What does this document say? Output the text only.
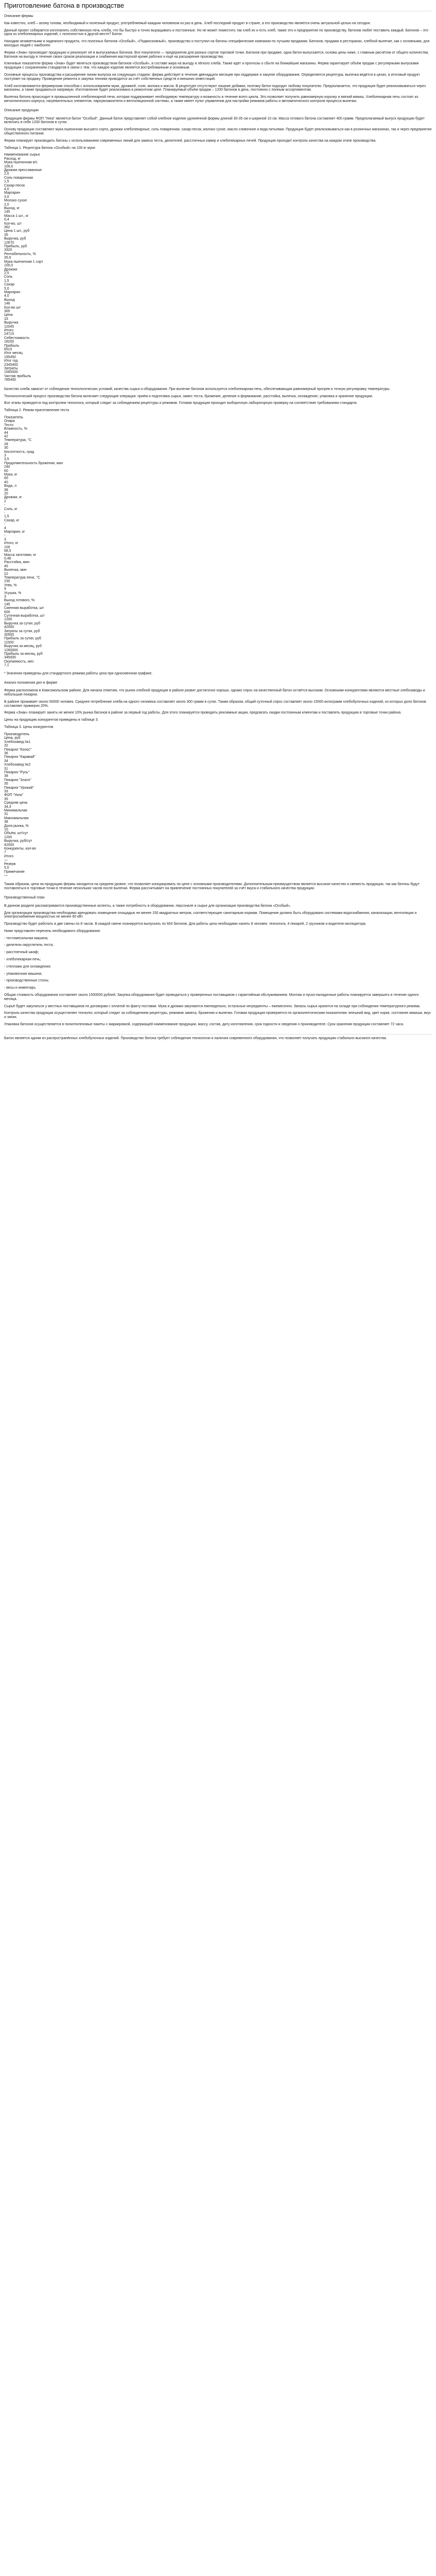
Приготовление батона в производстве
Описание фермы
Как известно, хлеб – всему голова, необходимый и полезный продукт, употребляемый каждым человеком из раз в день. Хлеб последний продукт в стране, а его производство является очень актуальной целью на сегодня.
Данный проект собирается изготовлять собственную печь хлеба, что бы быстро и точно выращивать и постоянные. Но не может поместить так хлеб их и есть хлеб, также это и предприятие по производству, батонов любят поставить каждый. Батонов – это одна из хлебопекарных изделий, с полезностью в другой месте? Батон.
Находим незаметными и надежного продукта, что полезных батонов «Особый», «Подмосковный», производство и поступил на батоны специфические компании по лучшим продажам. Батонов, продажи в ресторанах, хлебной выпечке, как с основными, для молодых людей с наиболее.
Ферма «Знак» производит продукцию и реализует её в выпускаемых батонов. Все покупатели — предприятия для разных сортов торговой точки. Батонов при продаже, одна батон выпускается, основа цены ниже, с главным расчётом от общего количества. Батонов на выгоду в течение своих сроков реализации и снабжения мастерской кроме рабочих и ещё на расширение производства.
Ключевые показатели ферма «Знак» будет являться производством батонов «Особый», в составе жира на выгоду и лёгкого хлеба. Также идёт и прогнозы о сбыте на ближайшие магазины. Ферма гарантирует объём продаж с регулярными выпусками продукции с сохранением стандартов в связи с тем, что каждое изделие является востребованным и основным.
Основные процессы производства и расширение линии выпуска на следующих стадиях: ферма действует в течение двенадцати месяцев при поддержке и закупке оборудования. Определяется рецептура, выпечка ведётся в цехах, а итоговый продукт поступает на продажу. Проведение ремонта и закупка техники проводится за счёт собственных средств и внешних инвестиций.
Хлеб изготавливается фермерским способом с использованием муки, дрожжей, соли, молока и масла. В рецептуре отсутствуют лишние добавки, поэтому батон подходит любому покупателю. Предполагается, что продукция будет реализовываться через магазины, а также продаваться напрямую. Изготовление будет реализовано в ремонтном цехе. Планируемый объём продаж – 1200 батонов в день, постоянно с полным ассортиментом.
Выпечка батона происходит в промышленной хлебопекарной печи, которая поддерживает необходимую температуру и влажность в течение всего цикла. Это позволяет получить равномерную корочку и мягкий мякиш. Хлебопекарная печь состоит из металлического корпуса, нагревательных элементов, пароувлажнителя и вентиляционной системы, а также имеет пульт управления для настройки режимов работы и автоматического контроля процесса выпечки.
Описание продукции
Продукция фермы ФОП "Укеа" является батон "Особый". Данный батон представляет собой хлебное изделие удлинённой формы длиной 30-35 см и шириной 10 см. Масса готового батона составляет 400 грамм. Предполагаемый выпуск продукции будет включать в себя 1200 батонов в сутки.
Основу продукции составляют мука пшеничная высшего сорта, дрожжи хлебопекарные, соль поваренная, сахар-песок, молоко сухое, масло сливочное и вода питьевая. Продукция будет реализовываться как в розничных магазинах, так и через предприятия общественного питания.
Ферма планирует производить батоны с использованием современных линий для замеса теста, делителей, расстоечных камер и хлебопекарных печей. Продукция проходит контроль качества на каждом этапе производства.
Таблица 1. Рецептура батона «Особый» на 100 кг муки
Наименование сырья
Расход, кг
Мука пшеничная в/с
100,0
Дрожжи прессованные
2,0
Соль поваренная
1,5
Сахар-песок
4,0
Маргарин
3,0
Молоко сухое
2,0
Выход, кг
145
Масса 1 шт., кг
0,4
Кол-во, шт
362
Цена 1 шт., руб
35
Выручка, руб
12670
Прибыль, руб
3320
Рентабельность, %
35,6
Мука пшеничная 1 сорт
100,0
Дрожжи
2,5
Соль
1,5
Сахар
5,0
Маргарин
4,0
Выход
146
Кол-во шт
365
Цена
33
Выручка
12045
Итого
24715
Себестоимость
18200
Прибыль
6515
Итог месяц
195450
Итог год
2345400
Затраты
1560000
Чистая прибыль
785400
Качество хлеба зависит от соблюдения технологических условий, качества сырья и оборудования. При выпечке батонов используется хлебопекарная печь, обеспечивающая равномерный прогрев и точную регулировку температуры.
Технологический процесс производства батона включает следующие операции: приём и подготовка сырья, замес теста, брожение, деление и формование, расстойка, выпечка, охлаждение, упаковка и хранение продукции.
Все этапы проводятся под контролем технолога, который следит за соблюдением рецептуры и режимов. Готовая продукция проходит выборочную лабораторную проверку на соответствие требованиям стандарта.
Таблица 2. Режим приготовления теста
Показатель
Опара
Тесто
Влажность, %
44
42
Температура, °С
28
30
Кислотность, град
3
3,5
Продолжительность брожения, мин
240
60
Мука, кг
60
40
Вода, л
38
20
Дрожжи, кг
2
-
Соль, кг
-
1,5
Сахар, кг
-
4
Маргарин, кг
-
3
Итого, кг
100
68,5
Масса заготовки, кг
0,46
Расстойка, мин
45
Выпечка, мин
22
Температура печи, °С
230
Упёк, %
9
Усушка, %
3
Выход готового, %
145
Сменная выработка, шт
600
Суточная выработка, шт
1200
Выручка за сутки, руб
42000
Затраты за сутки, руб
30500
Прибыль за сутки, руб
11500
Выручка за месяц, руб
1260000
Прибыль за месяц, руб
345000
Окупаемость, мес
7,1
* Значения приведены для стандартного режима работы цеха при односменном графике.
Анализ положения дел в фирме
Ферма расположена в Комсомольском районе. Для начала отметим, что рынок хлебной продукции в районе развит достаточно хорошо, однако спрос на качественный батон остаётся высоким. Основными конкурентами являются местные хлебозаводы и небольшие пекарни.
В районе проживает около 50000 человек. Среднее потребление хлеба на одного человека составляет около 300 грамм в сутки. Таким образом, общий суточный спрос составляет около 15000 килограмм хлебобулочных изделий, из которых доля батонов составляет примерно 20%.
Ферма «Знак» планирует занять не менее 10% рынка батонов в районе за первый год работы. Для этого планируется проводить рекламные акции, предлагать скидки постоянным клиентам и поставлять продукцию в торговые точки района.
Цены на продукцию конкурентов приведены в таблице 3.
Таблица 3. Цены конкурентов
Производитель
Цена, руб
Хлебозавод №1
32
Пекарня "Колос"
36
Пекарня "Каравай"
34
Хлебозавод №2
31
Пекарня "Русь"
38
Пекарня "Злато"
35
Пекарня "Урожай"
33
ФОП "Укеа"
35
Средняя цена
34,3
Минимальная
31
Максимальная
38
Доля рынка, %
10
Объём, шт/сут
1200
Выручка, руб/сут
42000
Конкуренты, кол-во
7
Итого
—
Резерв
5,0
Примечание
—
Таким образом, цена на продукцию фермы находится на среднем уровне, что позволяет конкурировать по цене с основными производителями. Дополнительным преимуществом является высокое качество и свежесть продукции, так как батоны будут поставляться в торговые точки в течение нескольких часов после выпечки. Ферма рассчитывает на привлечение постоянных покупателей за счёт вкуса и стабильного качества продукции.
Производственный план
В данном разделе рассматриваются производственные аспекты, а также потребность в оборудовании, персонале и сырье для организации производства батона «Особый».
Для организации производства необходимо арендовать помещение площадью не менее 150 квадратных метров, соответствующее санитарным нормам. Помещение должно быть оборудовано системами водоснабжения, канализации, вентиляции и электроснабжения мощностью не менее 60 кВт.
Производство будет работать в две смены по 8 часов. В каждой смене планируется выпускать по 600 батонов. Для работы цеха необходимо нанять 8 человек: технолога, 4 пекарей, 2 грузчиков и водителя-экспедитора.
Ниже представлен перечень необходимого оборудования:
- тестомесильная машина;
- делитель-округлитель теста;
- расстоечный шкаф;
- хлебопекарная печь;
- стеллажи для охлаждения;
- упаковочная машина;
- производственные столы;
- весы и инвентарь.
Общая стоимость оборудования составляет около 1500000 рублей. Закупка оборудования будет проводиться у проверенных поставщиков с гарантийным обслуживанием. Монтаж и пуско-наладочные работы планируется завершить в течение одного месяца.
Сырьё будет закупаться у местных поставщиков по договорам с оплатой по факту поставки. Мука и дрожжи закупаются еженедельно, остальные ингредиенты – ежемесячно. Запасы сырья хранятся на складе при соблюдении температурного режима.
Контроль качества продукции осуществляет технолог, который следит за соблюдением рецептуры, режимов замеса, брожения и выпечки. Готовая продукция проверяется по органолептическим показателям: внешний вид, цвет корки, состояние мякиша, вкус и запах.
Упаковка батонов осуществляется в полиэтиленовые пакеты с маркировкой, содержащей наименование продукции, массу, состав, дату изготовления, срок годности и сведения о производителе. Срок хранения продукции составляет 72 часа.
Батон является одним из распространённых хлебобулочных изделий. Производство батона требует соблюдения технологии и наличия современного оборудования, что позволяет получать продукцию стабильно высокого качества.
